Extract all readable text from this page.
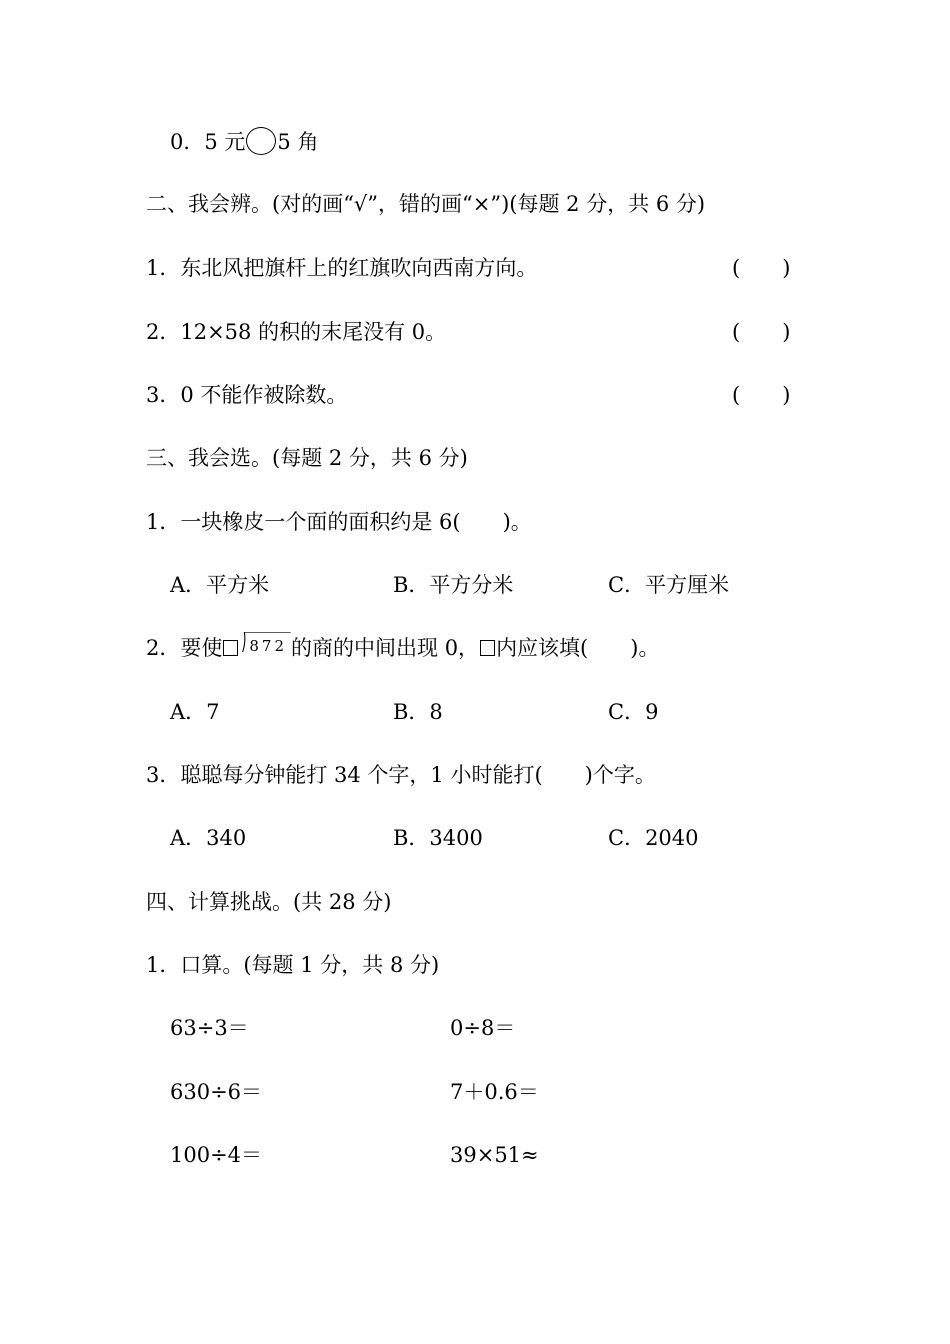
0．5 元 5 角
二、我会辨。(对的画“√”，错的画“×”)(每题 2 分，共 6 分)
1．东北风把旗杆上的红旗吹向西南方向。	(　　)
2．12×58 的积的末尾没有 0。	(　　)
3．0 不能作被除数。	(　　)
三、我会选。(每题 2 分，共 6 分)
1．一块橡皮一个面的面积约是 6(　　)。
A．平方米	B．平方分米	C．平方厘米
2．要使 872 的商的中间出现 0， 内应该填(　　)。
A．7	B．8	C．9
3．聪聪每分钟能打 34 个字，1 小时能打(　　)个字。
A．340	B．3400	C．2040
四、计算挑战。(共 28 分)
1．口算。(每题 1 分，共 8 分)
63÷3＝	0÷8＝
630÷6＝	7＋0.6＝
100÷4＝	39×51≈
